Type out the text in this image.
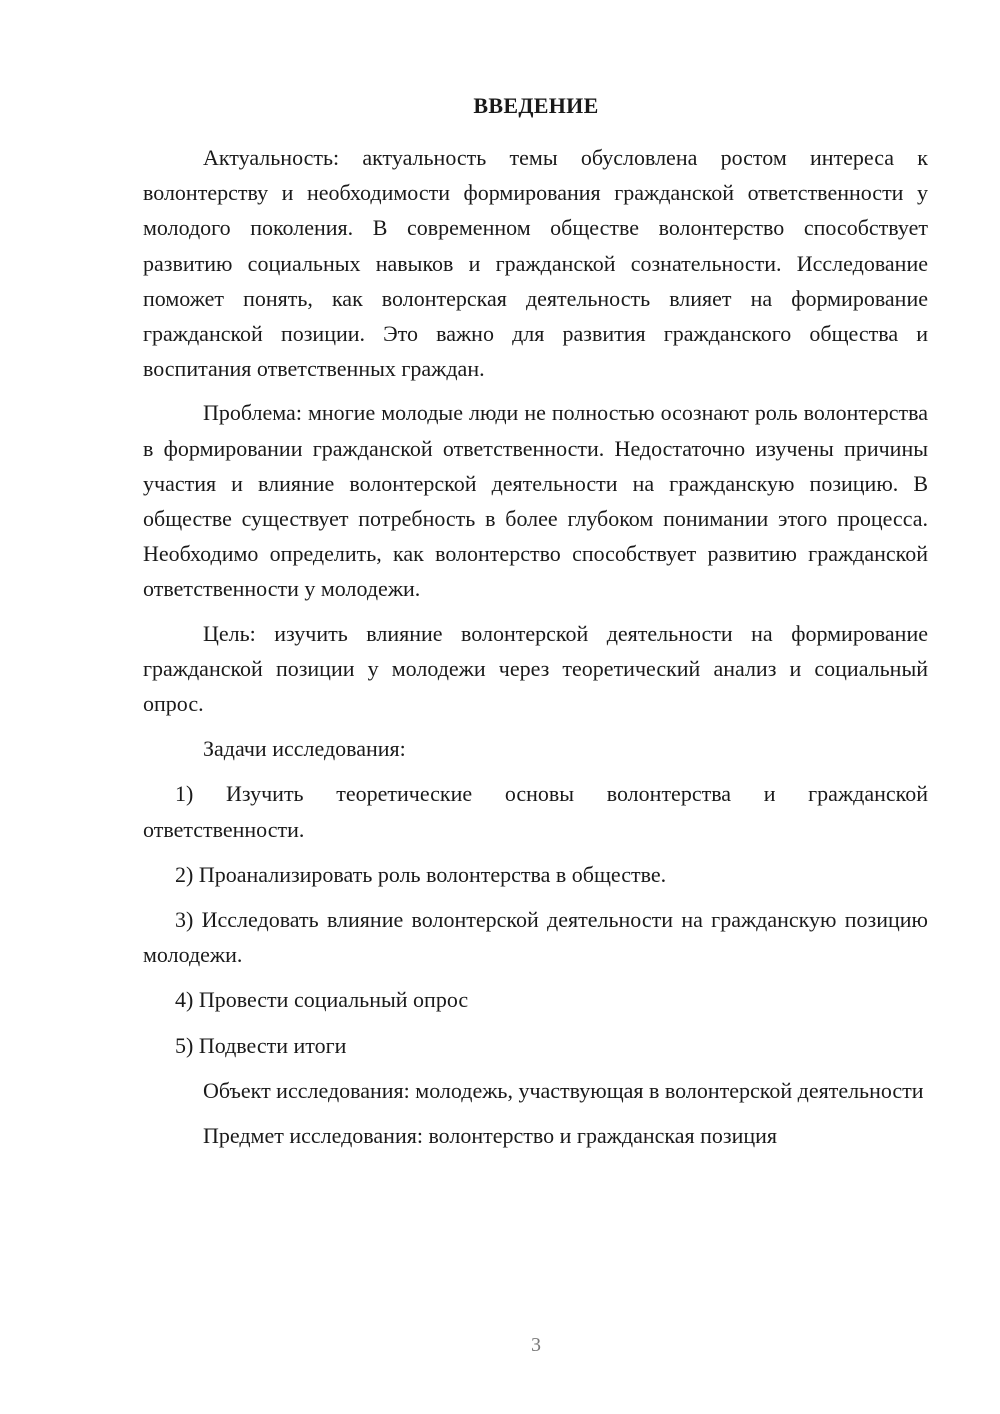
ВВЕДЕНИЕ

Актуальность: актуальность темы обусловлена ростом интереса к волонтерству и необходимости формирования гражданской ответственности у молодого поколения. В современном обществе волонтерство способствует развитию социальных навыков и гражданской сознательности. Исследование поможет понять, как волонтерская деятельность влияет на формирование гражданской позиции. Это важно для развития гражданского общества и воспитания ответственных граждан.

Проблема: многие молодые люди не полностью осознают роль волонтерства в формировании гражданской ответственности. Недостаточно изучены причины участия и влияние волонтерской деятельности на гражданскую позицию. В обществе существует потребность в более глубоком понимании этого процесса. Необходимо определить, как волонтерство способствует развитию гражданской ответственности у молодежи.

Цель: изучить влияние волонтерской деятельности на формирование гражданской позиции у молодежи через теоретический анализ и социальный опрос.

Задачи исследования:

1) Изучить теоретические основы волонтерства и гражданской ответственности.

2) Проанализировать роль волонтерства в обществе.

3) Исследовать влияние волонтерской деятельности на гражданскую позицию молодежи.

4) Провести социальный опрос

5) Подвести итоги

Объект исследования: молодежь, участвующая в волонтерской деятельности

Предмет исследования: волонтерство и гражданская позиция

3
